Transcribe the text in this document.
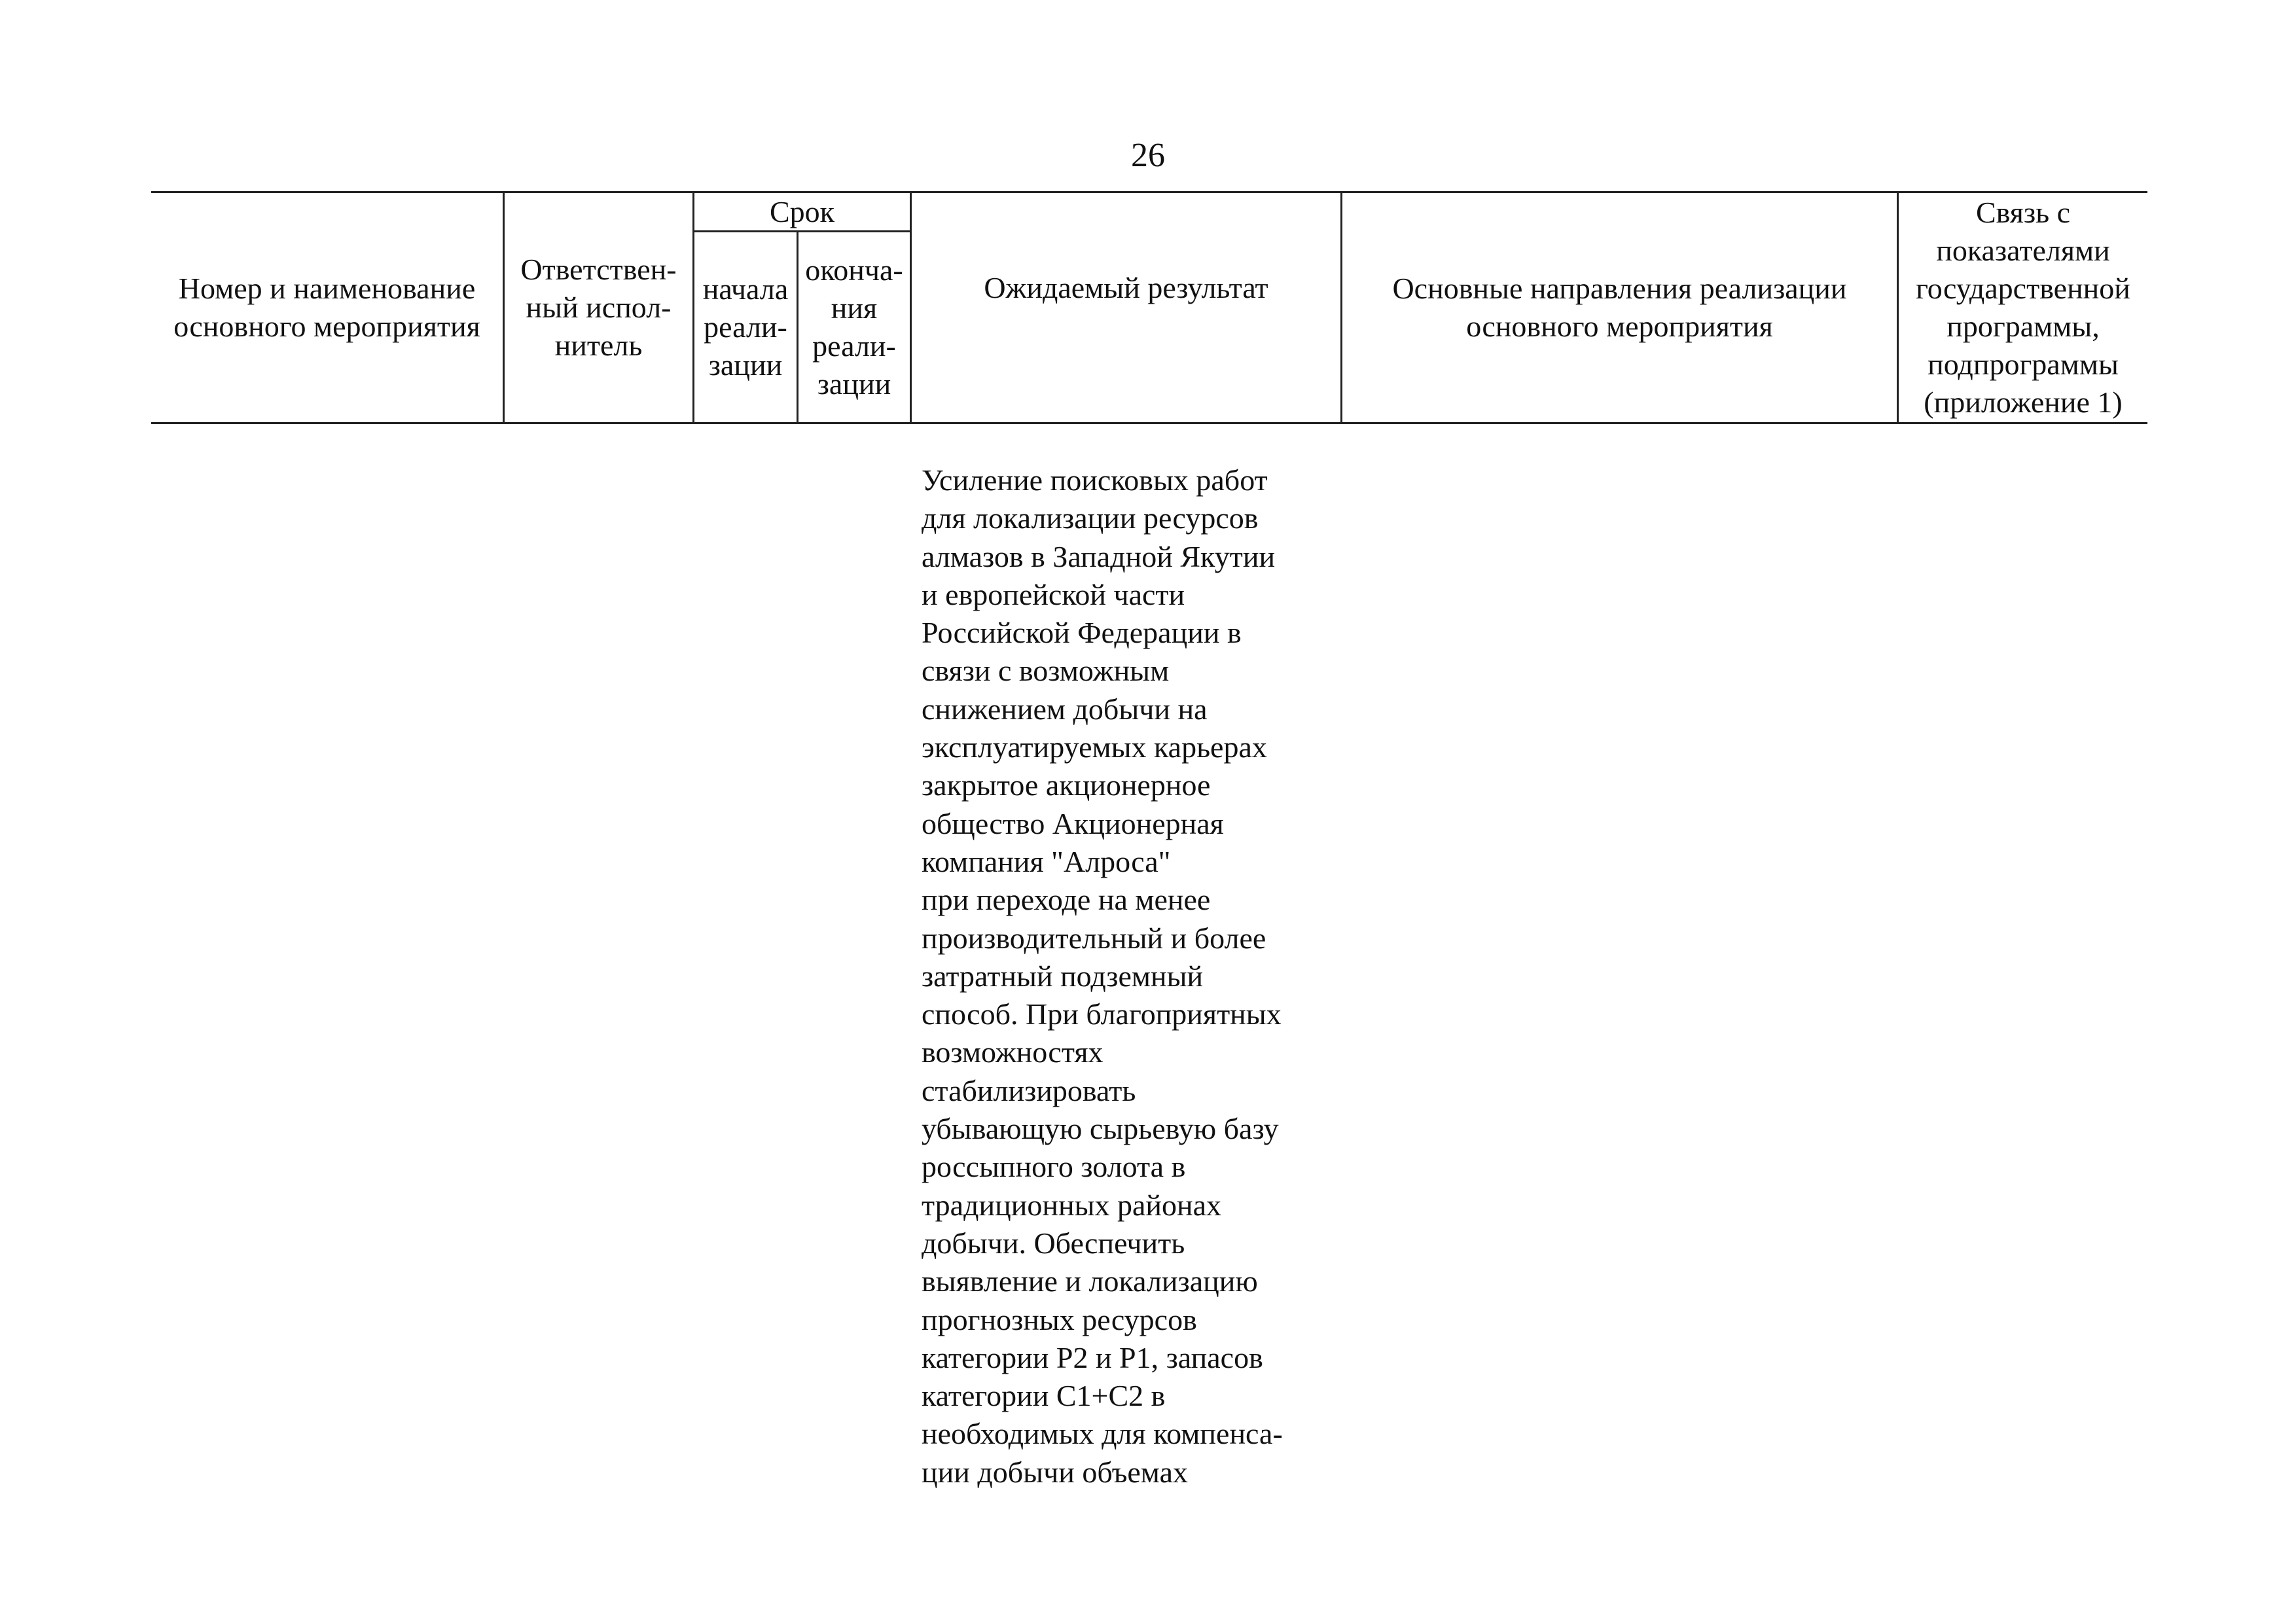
26
Номер и наименование основного мероприятия
Ответствен-ный испол-нитель
Срок
начала реали-зации
оконча-ния реали-зации
Ожидаемый результат	Основные направления реализации основного мероприятия
Связь с показателями государственной программы, подпрограммы (приложение 1)
Усиление поисковых работ
для локализации ресурсов
алмазов в Западной Якутии
и европейской части
Российской Федерации в
связи с возможным
снижением добычи на
эксплуатируемых карьерах
закрытое акционерное
общество Акционерная
компания "Алроса"
при переходе на менее
производительный и более
затратный подземный
способ. При благоприятных
возможностях
стабилизировать
убывающую сырьевую базу
россыпного золота в
традиционных районах
добычи. Обеспечить
выявление и локализацию
прогнозных ресурсов
категории Р2 и Р1, запасов
категории С1+С2 в
необходимых для компенса-
ции добычи объемах
